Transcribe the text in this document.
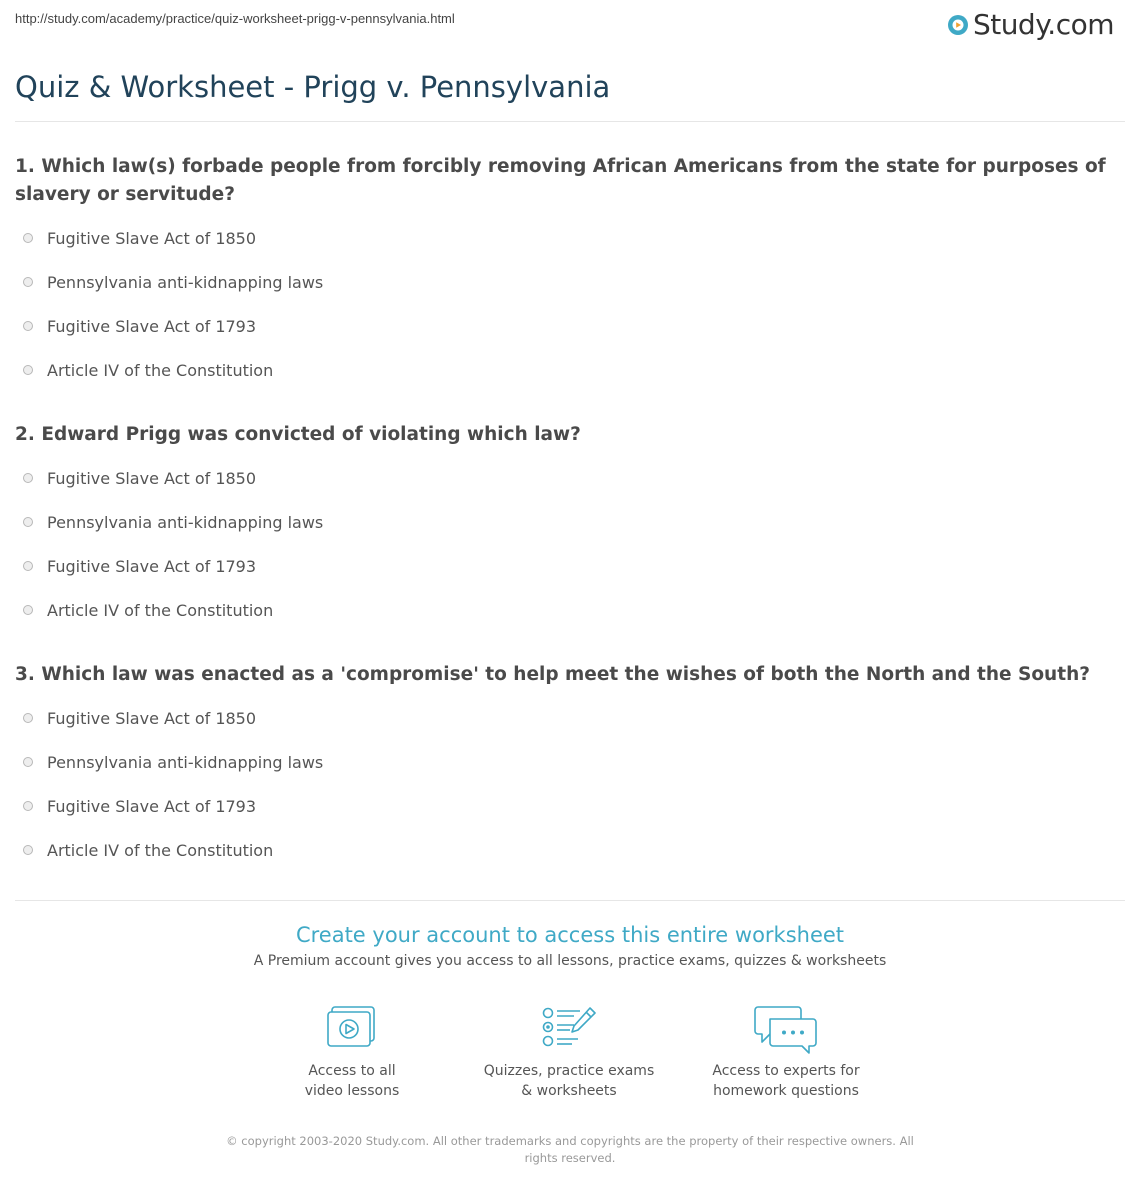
http://study.com/academy/practice/quiz-worksheet-prigg-v-pennsylvania.html	Study.com
Quiz & Worksheet - Prigg v. Pennsylvania

1. Which law(s) forbade people from forcibly removing African Americans from the state for purposes of slavery or servitude?

Fugitive Slave Act of 1850
Pennsylvania anti-kidnapping laws
Fugitive Slave Act of 1793
Article IV of the Constitution

2. Edward Prigg was convicted of violating which law?

Fugitive Slave Act of 1850
Pennsylvania anti-kidnapping laws
Fugitive Slave Act of 1793
Article IV of the Constitution

3. Which law was enacted as a 'compromise' to help meet the wishes of both the North and the South?

Fugitive Slave Act of 1850
Pennsylvania anti-kidnapping laws
Fugitive Slave Act of 1793
Article IV of the Constitution
Create your account to access this entire worksheet
A Premium account gives you access to all lessons, practice exams, quizzes & worksheets
Access to all
video lessons
Quizzes, practice exams
& worksheets
Access to experts for
homework questions
© copyright 2003-2020 Study.com. All other trademarks and copyrights are the property of their respective owners. All rights reserved.
